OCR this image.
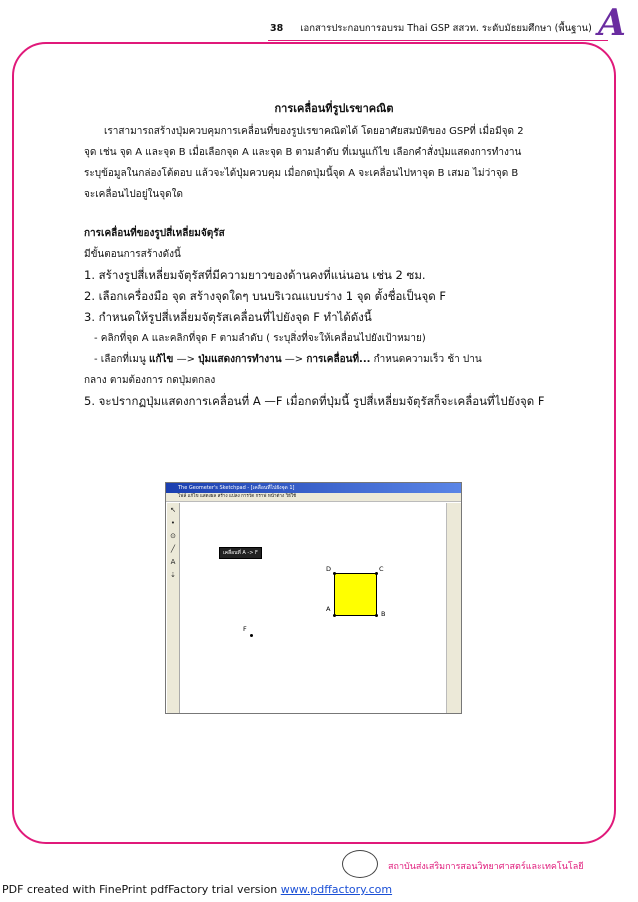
38 เอกสารประกอบการอบรม Thai GSP สสวท. ระดับมัธยมศึกษา (พื้นฐาน) A
การเคลื่อนที่รูปเรขาคณิต
เราสามารถสร้างปุ่มควบคุมการเคลื่อนที่ของรูปเรขาคณิตได้ โดยอาศัยสมบัติของ GSPที่ เมื่อมีจุด 2
จุด เช่น จุด A และจุด B เมื่อเลือกจุด A และจุด B ตามลำดับ ที่เมนูแก้ไข เลือกคำสั่งปุ่มแสดงการทำงาน
ระบุข้อมูลในกล่องโต้ตอบ แล้วจะได้ปุ่มควบคุม เมื่อกดปุ่มนี้จุด A จะเคลื่อนไปหาจุด B เสมอ ไม่ว่าจุด B
จะเคลื่อนไปอยู่ในจุดใด
การเคลื่อนที่ของรูปสี่เหลี่ยมจัตุรัส
มีขั้นตอนการสร้างดังนี้
1. สร้างรูปสี่เหลี่ยมจัตุรัสที่มีความยาวของด้านคงที่แน่นอน เช่น 2 ซม.
2. เลือกเครื่องมือ จุด สร้างจุดใดๆ บนบริเวณแบบร่าง 1 จุด ตั้งชื่อเป็นจุด F
3. กำหนดให้รูปสี่เหลี่ยมจัตุรัสเคลื่อนที่ไปยังจุด F ทำได้ดังนี้
- คลิกที่จุด A และคลิกที่จุด F ตามลำดับ ( ระบุสิ่งที่จะให้เคลื่อนไปยังเป้าหมาย)
- เลือกที่เมนู แก้ไข —> ปุ่มแสดงการทำงาน —> การเคลื่อนที่... กำหนดความเร็ว ช้า ปาน
กลาง ตามต้องการ กดปุ่มตกลง
5. จะปรากฏปุ่มแสดงการเคลื่อนที่ A —F เมื่อกดที่ปุ่มนี้ รูปสี่เหลี่ยมจัตุรัสก็จะเคลื่อนที่ไปยังจุด F
The Geometer's Sketchpad - [เคลื่อนที่ไปยังจุด 1]
ไฟล์ แก้ไข แสดงผล สร้าง แปลง การวัด กราฟ หน้าต่าง วิธีใช้
↖
•
⊙
╱
A
⇣
เคลื่อนที่ A -> F
D	C
A
B
F
สถาบันส่งเสริมการสอนวิทยาศาสตร์และเทคโนโลยี
PDF created with FinePrint pdfFactory trial version www.pdffactory.com
